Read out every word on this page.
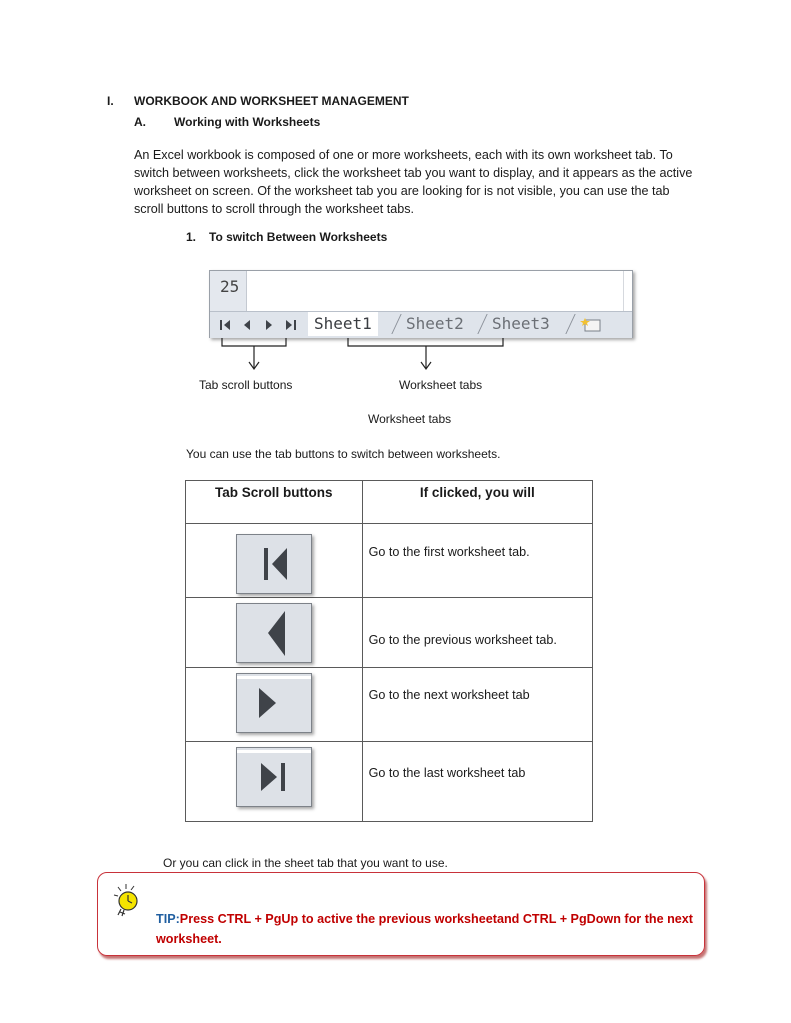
I. WORKBOOK AND WORKSHEET MANAGEMENT
A. Working with Worksheets

An Excel workbook is composed of one or more worksheets, each with its own worksheet tab. To switch between worksheets, click the worksheet tab you want to display, and it appears as the active worksheet on screen. Of the worksheet tab you are looking for is not visible, you can use the tab scroll buttons to scroll through the worksheet tabs.

1. To switch Between Worksheets
25
Sheet1	Sheet2 Sheet3
Tab scroll buttons	Worksheet tabs
Worksheet tabs
You can use the tab buttons to switch between worksheets.
Tab Scroll buttons	If clicked, you will

Go to the first worksheet tab.

Go to the previous worksheet tab.

Go to the next worksheet tab

Go to the last worksheet tab
Or you can click in the sheet tab that you want to use.
TIP:Press CTRL + PgUp to active the previous worksheetand CTRL + PgDown for the next worksheet.
